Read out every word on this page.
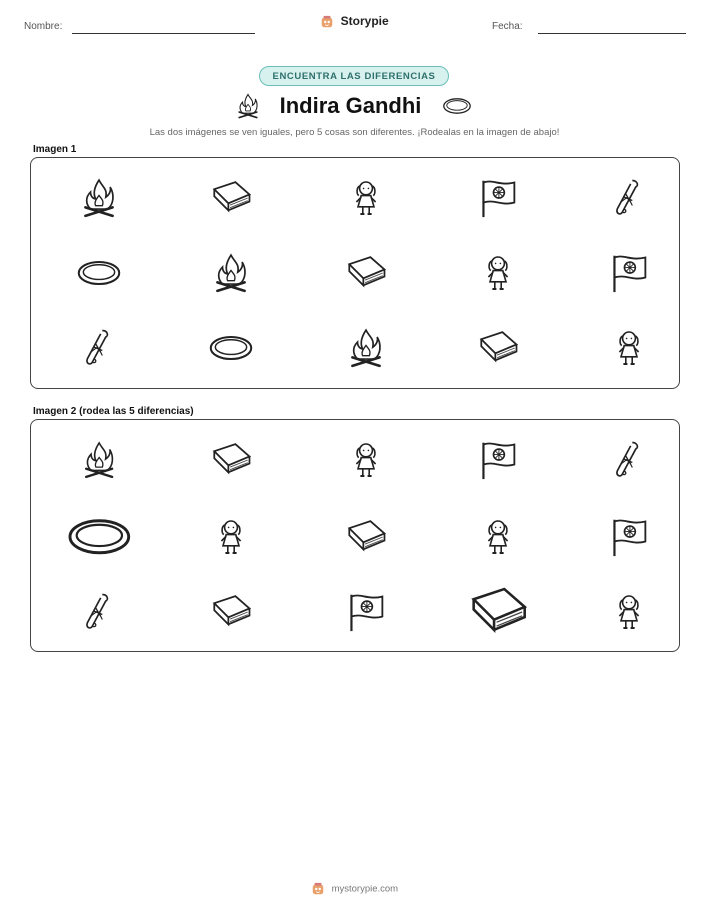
Nombre:	Storypie	Fecha:
ENCUENTRA LAS DIFERENCIAS
Indira Gandhi
Las dos imágenes se ven iguales, pero 5 cosas son diferentes. ¡Rodealas en la imagen de abajo!
Imagen 1
Imagen 2 (rodea las 5 diferencias)
mystorypie.com
